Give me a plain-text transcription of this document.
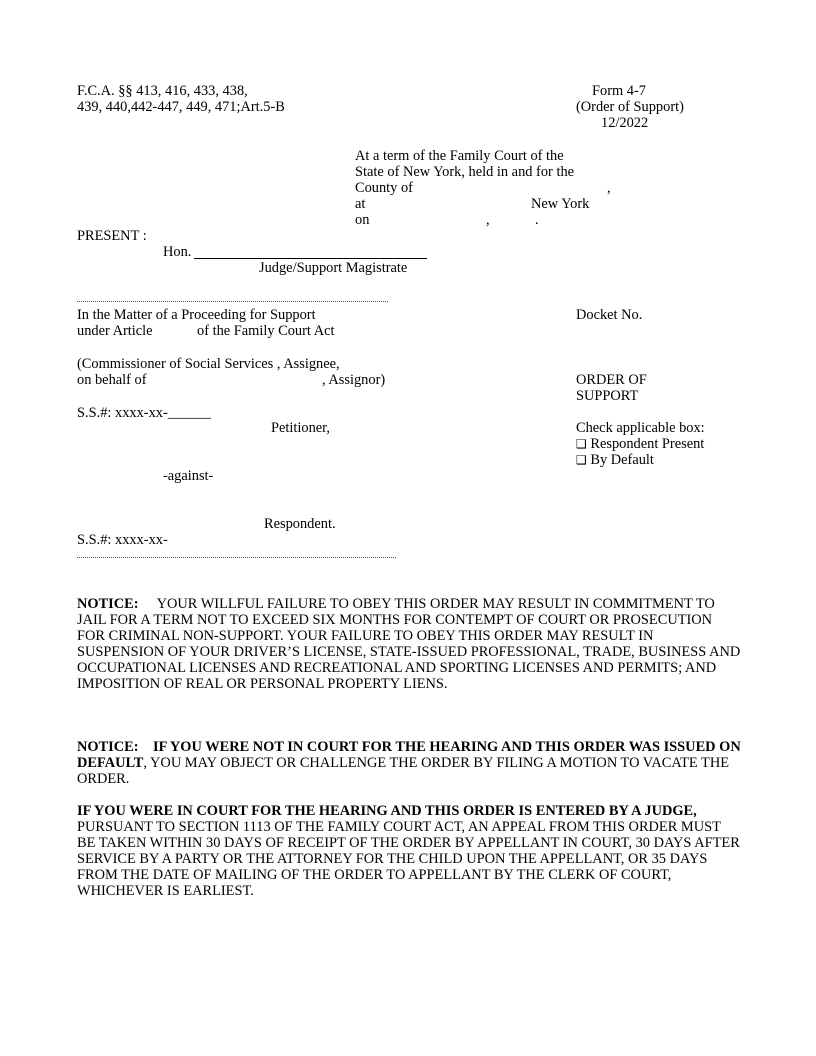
F.C.A. §§ 413, 416, 433, 438,
439, 440,442-447, 449, 471;Art.5-B
Form 4-7
(Order of Support)
12/2022
At a term of the Family Court of the
State of New York, held in and for the
County of	,
at	New York
on	,	.
PRESENT :
Hon.
Judge/Support Magistrate
In the Matter of a Proceeding for Support
under Article	of the Family Court Act
Docket No.
(Commissioner of Social Services , Assignee,
on behalf of	, Assignor)	ORDER OF
SUPPORT
S.S.#: xxxx-xx-______
Petitioner,	Check applicable box:
❑ Respondent Present
❑ By Default
-against-
Respondent.
S.S.#: xxxx-xx-
NOTICE: YOUR WILLFUL FAILURE TO OBEY THIS ORDER MAY RESULT IN COMMITMENT TO JAIL FOR A TERM NOT TO EXCEED SIX MONTHS FOR CONTEMPT OF COURT OR PROSECUTION FOR CRIMINAL NON-SUPPORT. YOUR FAILURE TO OBEY THIS ORDER MAY RESULT IN SUSPENSION OF YOUR DRIVER’S LICENSE, STATE-ISSUED PROFESSIONAL, TRADE, BUSINESS AND OCCUPATIONAL LICENSES AND RECREATIONAL AND SPORTING LICENSES AND PERMITS; AND IMPOSITION OF REAL OR PERSONAL PROPERTY LIENS.
NOTICE: IF YOU WERE NOT IN COURT FOR THE HEARING AND THIS ORDER WAS ISSUED ON DEFAULT, YOU MAY OBJECT OR CHALLENGE THE ORDER BY FILING A MOTION TO VACATE THE ORDER.
IF YOU WERE IN COURT FOR THE HEARING AND THIS ORDER IS ENTERED BY A JUDGE, PURSUANT TO SECTION 1113 OF THE FAMILY COURT ACT, AN APPEAL FROM THIS ORDER MUST BE TAKEN WITHIN 30 DAYS OF RECEIPT OF THE ORDER BY APPELLANT IN COURT, 30 DAYS AFTER SERVICE BY A PARTY OR THE ATTORNEY FOR THE CHILD UPON THE APPELLANT, OR 35 DAYS FROM THE DATE OF MAILING OF THE ORDER TO APPELLANT BY THE CLERK OF COURT, WHICHEVER IS EARLIEST.
